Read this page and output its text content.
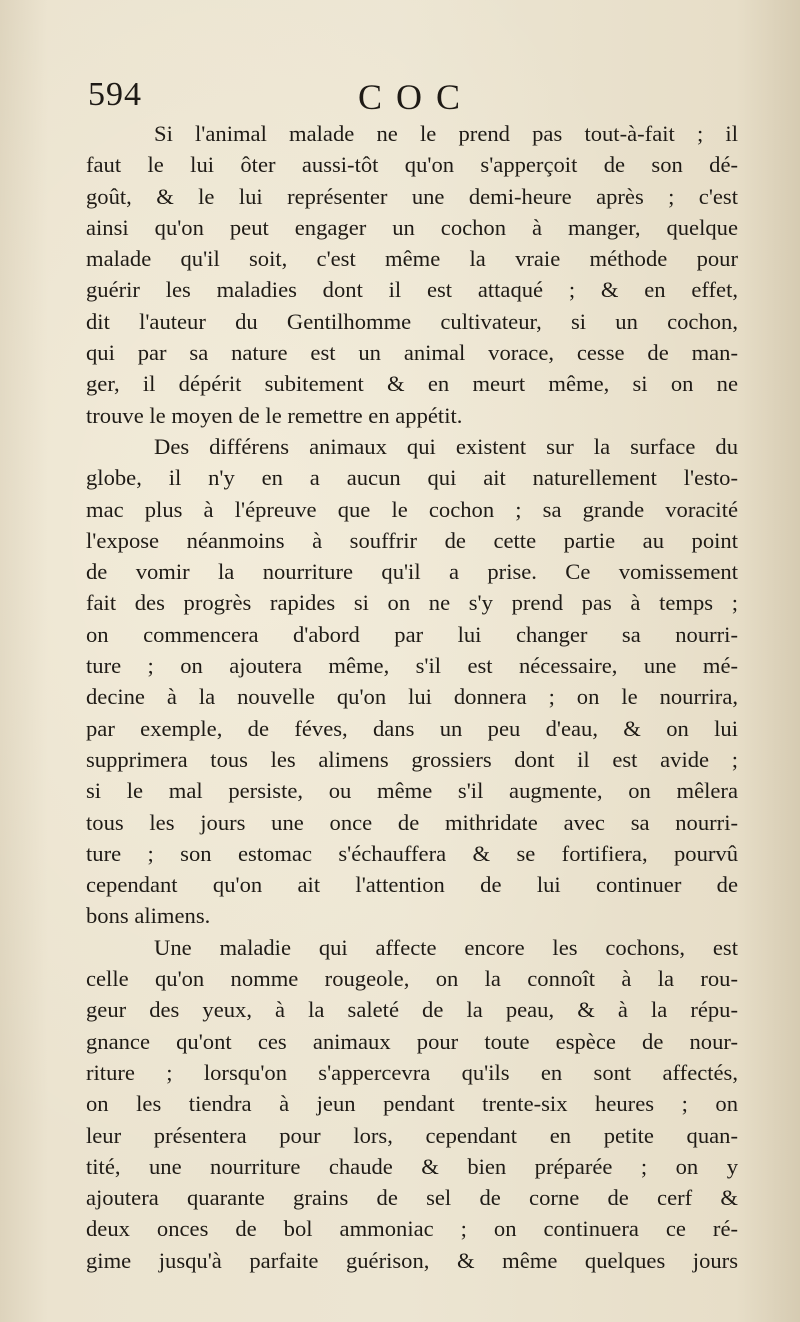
594	COC
Si l'animal malade ne le prend pas tout-à-fait ; il
faut le lui ôter aussi-tôt qu'on s'apperçoit de son dé-
goût, & le lui représenter une demi-heure après ; c'est
ainsi qu'on peut engager un cochon à manger, quelque
malade qu'il soit, c'est même la vraie méthode pour
guérir les maladies dont il est attaqué ; & en effet,
dit l'auteur du Gentilhomme cultivateur, si un cochon,
qui par sa nature est un animal vorace, cesse de man-
ger, il dépérit subitement & en meurt même, si on ne
trouve le moyen de le remettre en appétit.
Des différens animaux qui existent sur la surface du
globe, il n'y en a aucun qui ait naturellement l'esto-
mac plus à l'épreuve que le cochon ; sa grande voracité
l'expose néanmoins à souffrir de cette partie au point
de vomir la nourriture qu'il a prise. Ce vomissement
fait des progrès rapides si on ne s'y prend pas à temps ;
on commencera d'abord par lui changer sa nourri-
ture ; on ajoutera même, s'il est nécessaire, une mé-
decine à la nouvelle qu'on lui donnera ; on le nourrira,
par exemple, de féves, dans un peu d'eau, & on lui
supprimera tous les alimens grossiers dont il est avide ;
si le mal persiste, ou même s'il augmente, on mêlera
tous les jours une once de mithridate avec sa nourri-
ture ; son estomac s'échauffera & se fortifiera, pourvû
cependant qu'on ait l'attention de lui continuer de
bons alimens.
Une maladie qui affecte encore les cochons, est
celle qu'on nomme rougeole, on la connoît à la rou-
geur des yeux, à la saleté de la peau, & à la répu-
gnance qu'ont ces animaux pour toute espèce de nour-
riture ; lorsqu'on s'appercevra qu'ils en sont affectés,
on les tiendra à jeun pendant trente-six heures ; on
leur présentera pour lors, cependant en petite quan-
tité, une nourriture chaude & bien préparée ; on y
ajoutera quarante grains de sel de corne de cerf &
deux onces de bol ammoniac ; on continuera ce ré-
gime jusqu'à parfaite guérison, & même quelques jours
